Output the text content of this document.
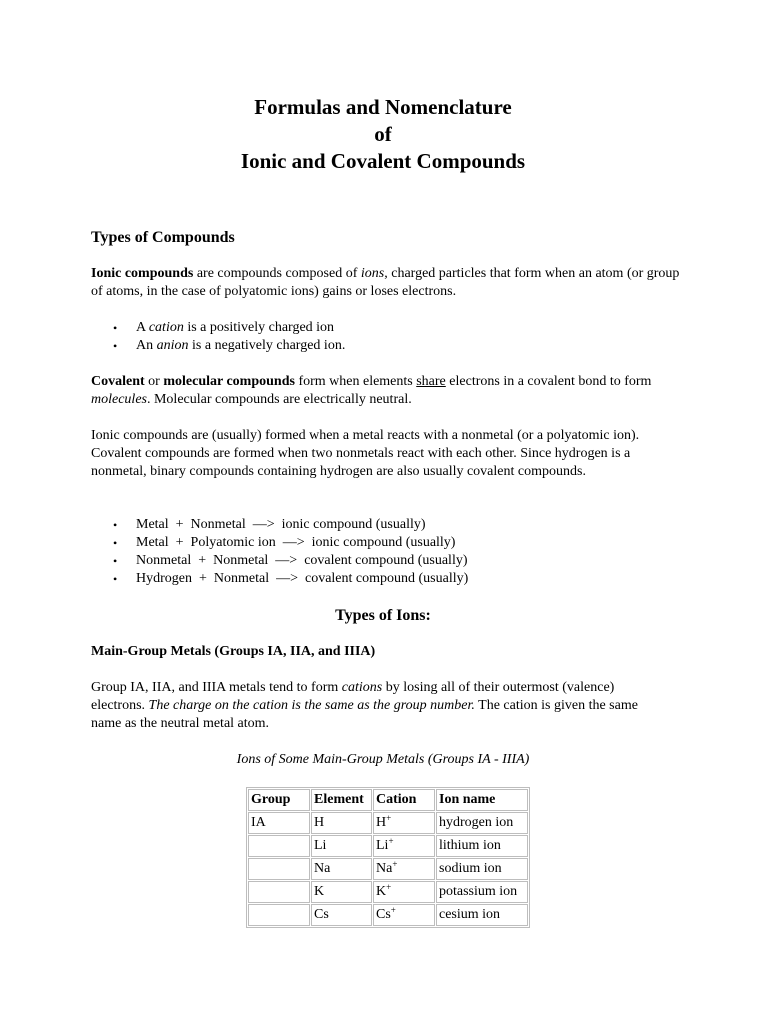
Formulas and Nomenclature
of
Ionic and Covalent Compounds
Types of Compounds
Ionic compounds are compounds composed of ions, charged particles that form when an atom (or group of atoms, in the case of polyatomic ions) gains or loses electrons.
• A cation is a positively charged ion
• An anion is a negatively charged ion.
Covalent or molecular compounds form when elements share electrons in a covalent bond to form molecules. Molecular compounds are electrically neutral.
Ionic compounds are (usually) formed when a metal reacts with a nonmetal (or a polyatomic ion). Covalent compounds are formed when two nonmetals react with each other. Since hydrogen is a nonmetal, binary compounds containing hydrogen are also usually covalent compounds.
• Metal  +  Nonmetal  —>  ionic compound (usually)
• Metal  +  Polyatomic ion  —>  ionic compound (usually)
• Nonmetal  +  Nonmetal  —>  covalent compound (usually)
• Hydrogen  +  Nonmetal  —>  covalent compound (usually)
Types of Ions:
Main-Group Metals (Groups IA, IIA, and IIIA)
Group IA, IIA, and IIIA metals tend to form cations by losing all of their outermost (valence) electrons. The charge on the cation is the same as the group number. The cation is given the same name as the neutral metal atom.
Ions of Some Main-Group Metals (Groups IA - IIIA)
Group	Element	Cation	Ion name
IA	H	H+	hydrogen ion
	Li	Li+	lithium ion
	Na	Na+	sodium ion
	K	K+	potassium ion
	Cs	Cs+	cesium ion
